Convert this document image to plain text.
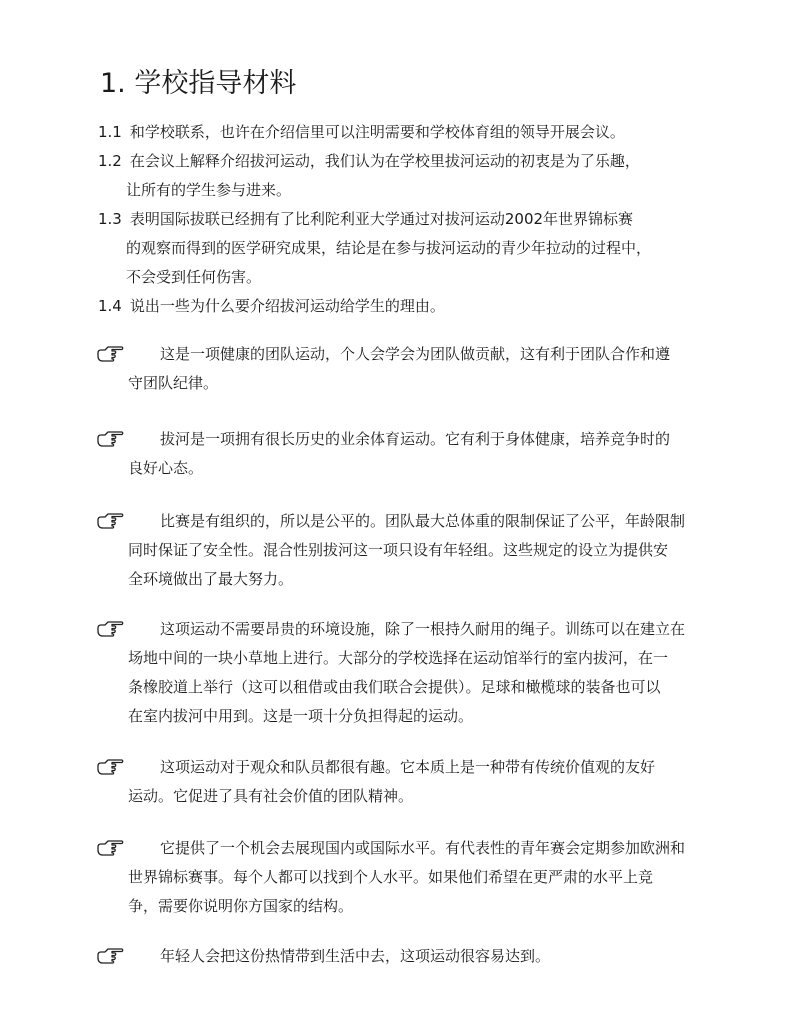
1. 学校指导材料
1.1 和学校联系，也许在介绍信里可以注明需要和学校体育组的领导开展会议。
1.2 在会议上解释介绍拔河运动，我们认为在学校里拔河运动的初衷是为了乐趣，
让所有的学生参与进来。
1.3 表明国际拔联已经拥有了比利陀利亚大学通过对拔河运动2002年世界锦标赛
的观察而得到的医学研究成果，结论是在参与拔河运动的青少年拉动的过程中，
不会受到任何伤害。
1.4 说出一些为什么要介绍拔河运动给学生的理由。

这是一项健康的团队运动，个人会学会为团队做贡献，这有利于团队合作和遵
守团队纪律。

拔河是一项拥有很长历史的业余体育运动。它有利于身体健康，培养竞争时的
良好心态。

比赛是有组织的，所以是公平的。团队最大总体重的限制保证了公平，年龄限制
同时保证了安全性。混合性别拔河这一项只设有年轻组。这些规定的设立为提供安
全环境做出了最大努力。

这项运动不需要昂贵的环境设施，除了一根持久耐用的绳子。训练可以在建立在
场地中间的一块小草地上进行。大部分的学校选择在运动馆举行的室内拔河，在一
条橡胶道上举行（这可以租借或由我们联合会提供）。足球和橄榄球的装备也可以
在室内拔河中用到。这是一项十分负担得起的运动。

这项运动对于观众和队员都很有趣。它本质上是一种带有传统价值观的友好
运动。它促进了具有社会价值的团队精神。

它提供了一个机会去展现国内或国际水平。有代表性的青年赛会定期参加欧洲和
世界锦标赛事。每个人都可以找到个人水平。如果他们希望在更严肃的水平上竞
争，需要你说明你方国家的结构。

年轻人会把这份热情带到生活中去，这项运动很容易达到。
